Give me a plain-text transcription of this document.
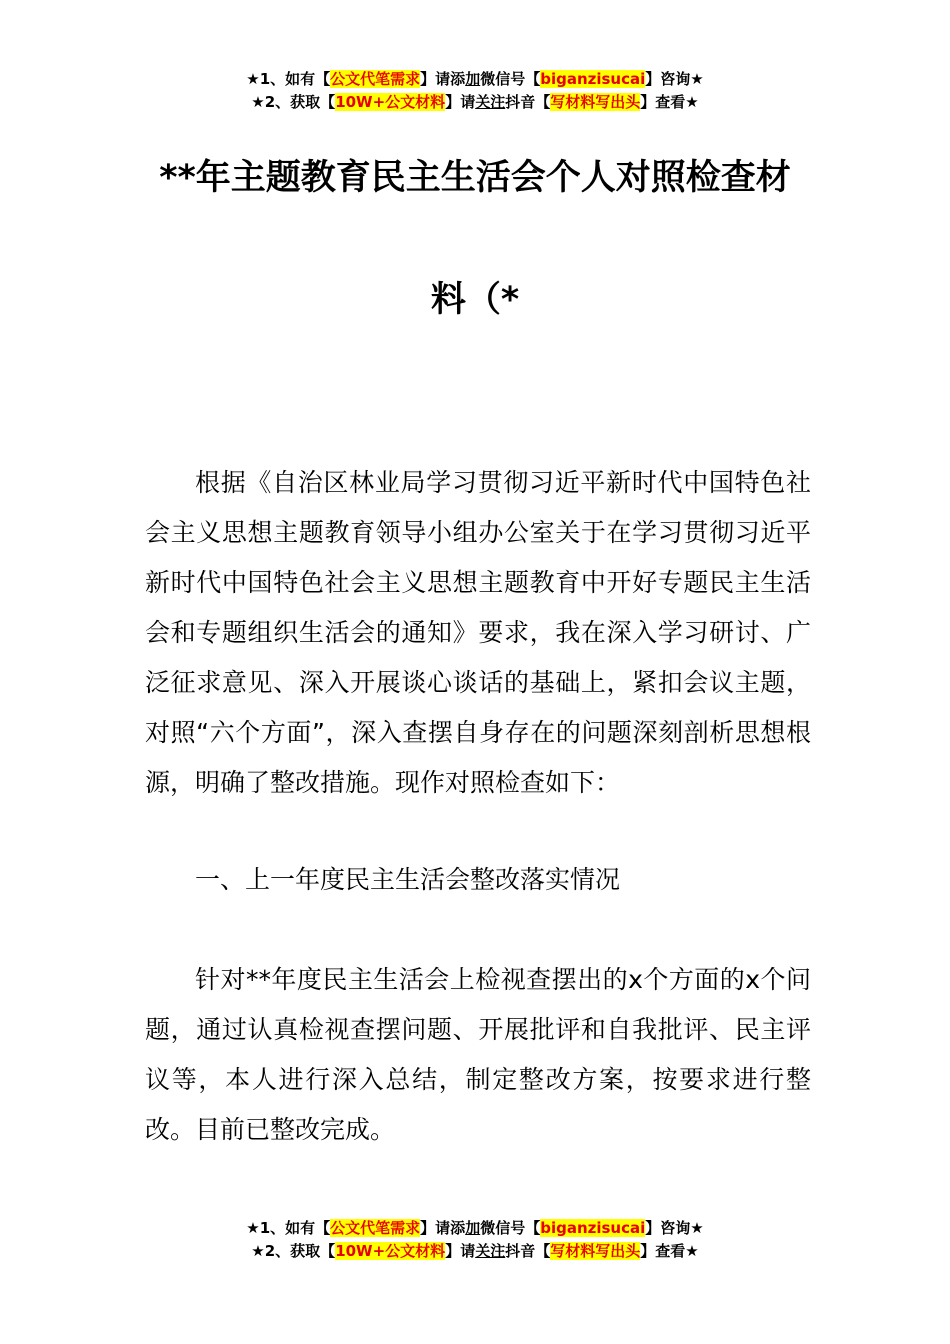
★1、如有【公文代笔需求】请添加微信号【biganzisucai】咨询★
★2、获取【10W+公文材料】请关注抖音【写材料写出头】查看★
**年主题教育民主生活会个人对照检查材
料（*

根据《自治区林业局学习贯彻习近平新时代中国特色社会主义思想主题教育领导小组办公室关于在学习贯彻习近平新时代中国特色社会主义思想主题教育中开好专题民主生活会和专题组织生活会的通知》要求，我在深入学习研讨、广泛征求意见、深入开展谈心谈话的基础上，紧扣会议主题，对照“六个方面”，深入查摆自身存在的问题深刻剖析思想根源，明确了整改措施。现作对照检查如下：

一、上一年度民主生活会整改落实情况

针对**年度民主生活会上检视查摆出的x个方面的x个问题，通过认真检视查摆问题、开展批评和自我批评、民主评议等，本人进行深入总结，制定整改方案，按要求进行整改。目前已整改完成。

★1、如有【公文代笔需求】请添加微信号【biganzisucai】咨询★
★2、获取【10W+公文材料】请关注抖音【写材料写出头】查看★
